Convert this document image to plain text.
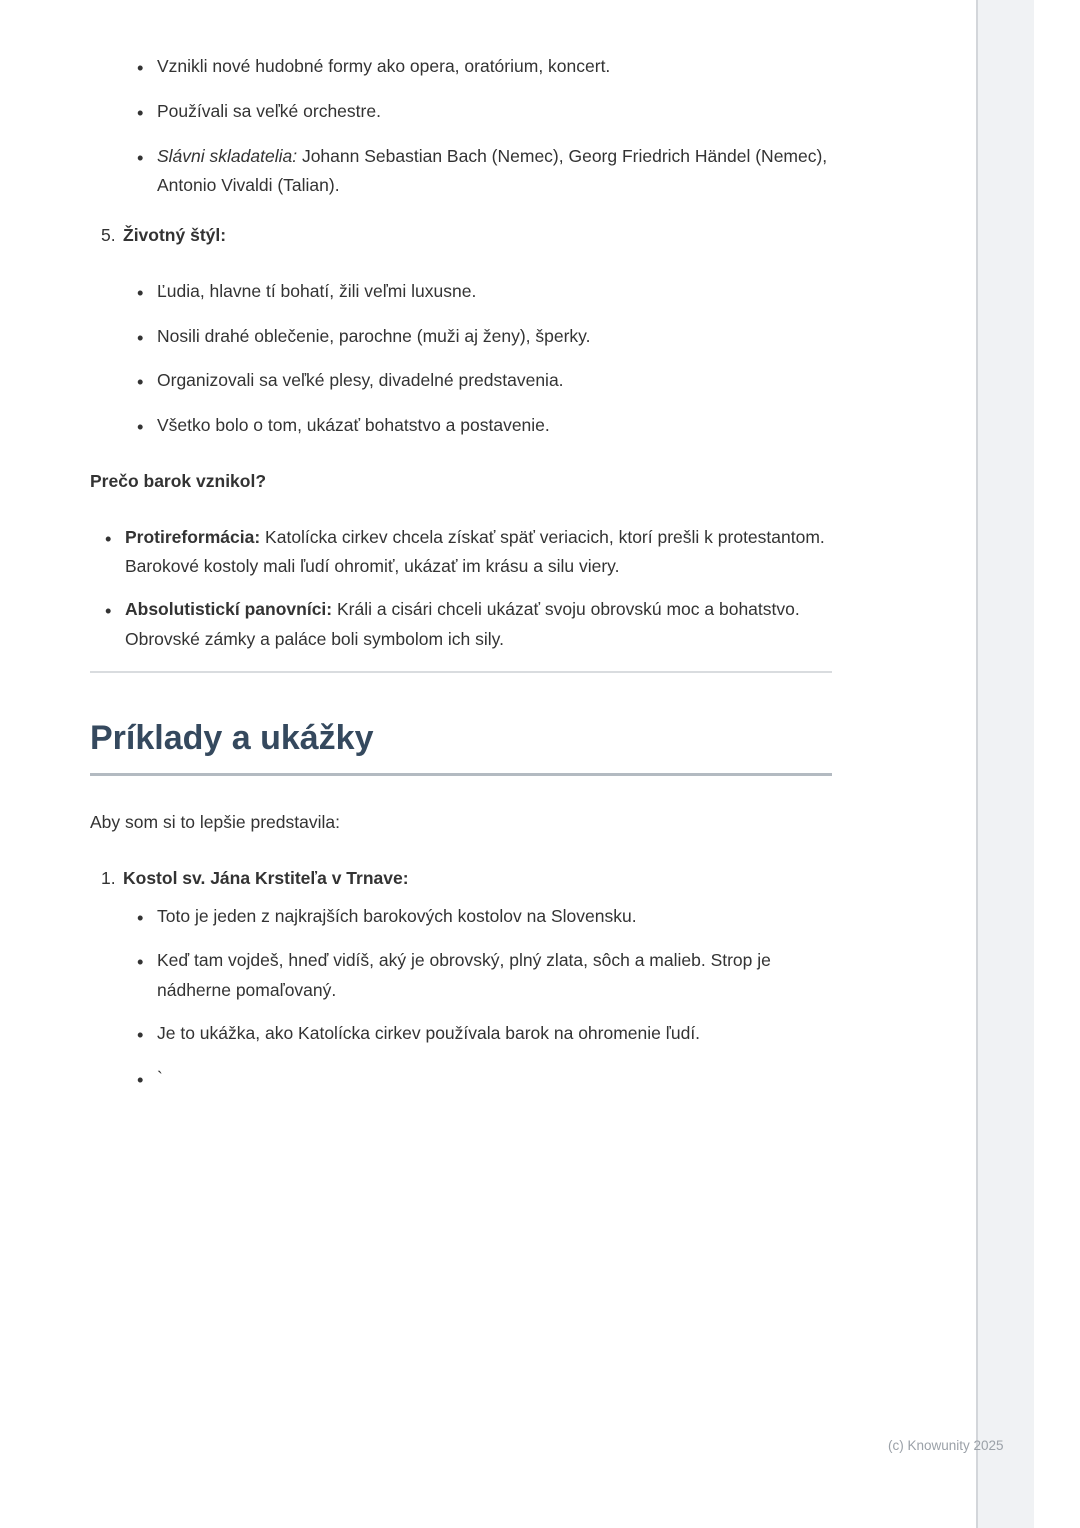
•
Vznikli nové hudobné formy ako opera, oratórium, koncert.
•
Používali sa veľké orchestre.
•
Slávni skladatelia: Johann Sebastian Bach (Nemec), Georg Friedrich Händel (Nemec), Antonio Vivaldi (Talian).
5. Životný štýl:
•
Ľudia, hlavne tí bohatí, žili veľmi luxusne.
•
Nosili drahé oblečenie, parochne (muži aj ženy), šperky.
•
Organizovali sa veľké plesy, divadelné predstavenia.
•
Všetko bolo o tom, ukázať bohatstvo a postavenie.

Prečo barok vznikol?

•
Protireformácia: Katolícka cirkev chcela získať späť veriacich, ktorí prešli k protestantom. Barokové kostoly mali ľudí ohromiť, ukázať im krásu a silu viery.
•
Absolutistickí panovníci: Králi a cisári chceli ukázať svoju obrovskú moc a bohatstvo. Obrovské zámky a paláce boli symbolom ich sily.
Príklady a ukážky

Aby som si to lepšie predstavila:

1. Kostol sv. Jána Krstiteľa v Trnave:
•
Toto je jeden z najkrajších barokových kostolov na Slovensku.
•
Keď tam vojdeš, hneď vidíš, aký je obrovský, plný zlata, sôch a malieb. Strop je nádherne pomaľovaný.
•
Je to ukážka, ako Katolícka cirkev používala barok na ohromenie ľudí.
•
`
(c) Knowunity 2025
